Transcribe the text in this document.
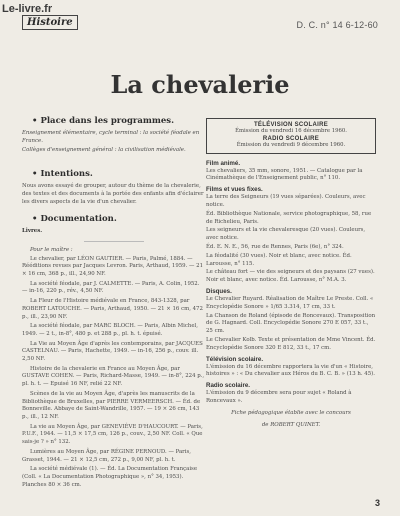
Le-livre.fr
Histoire	D. C. n° 14 6-12-60
La chevalerie
• Place dans les programmes.
Enseignement élémentaire, cycle terminal : la société féodale en France.
Collèges d'enseignement général : la civilisation médiévale.
• Intentions.
Nous avons essayé de grouper, autour du thème de la chevalerie, des textes et des documents à la portée des enfants afin d'éclairer les divers aspects de la vie d'un chevalier.
• Documentation.
Livres.
Pour le maître :
Le chevalier, par LÉON GAUTIER. — Paris, Palmé, 1884. — Rééditions revues par Jacques Levron. Paris, Arthaud, 1959. — 21 × 16 cm, 368 p., ill., 24,90 NF.
La société féodale, par J. CALMETTE. — Paris, A. Colin, 1952. — in-16, 220 p., rév., 4,50 NF.
La Fleur de l'Histoire médiévale en France, 843-1328, par ROBERT LATOUCHE. — Paris, Arthaud, 1950. — 21 × 16 cm, 472 p., ill., 23,90 NF.
La société féodale, par MARC BLOCH. — Paris, Albin Michel, 1949. — 2 t., in-8°, 480 p. et 288 p., pl. h. t. épuisé.
La Vie au Moyen Âge d'après les contemporains, par JACQUES CASTELNAU. — Paris, Hachette, 1949. — in-16, 256 p., couv. ill. 2,50 NF.
Histoire de la chevalerie en France au Moyen Âge, par GUSTAVE COHEN. — Paris, Richard-Masse, 1949. — in-8°, 224 p., pl. h. t. — Epuisé 16 NF, relié 22 NF.
Scènes de la vie au Moyen Âge, d'après les manuscrits de la Bibliothèque de Bruxelles, par PIERRE VERMEERSCH. — Éd. de Bonneville. Abbaye de Saint-Wandrille, 1957. — 19 × 26 cm, 143 p., ill., 12 NF.
La vie au Moyen Âge, par GENEVIÈVE D'HAUCOURT. — Paris, P.U.F., 1944. — 11,5 × 17,5 cm, 126 p., couv., 2,50 NF. Coll. « Que sais-je ? » n° 132.
Lumières au Moyen Âge, par RÉGINE PERNOUD. — Paris, Grasset, 1944. — 21 × 12,5 cm, 272 p., 9,00 NF, pl. h. t.
La société médiévale (1). — Éd. La Documentation Française (Coll. « La Documentation Photographique », n° 34, 1953). Planches 80 × 36 cm.
TÉLÉVISION SCOLAIRE
Émission du vendredi 16 décembre 1960.
RADIO SCOLAIRE
Émission du vendredi 9 décembre 1960.
Film animé.
Les chevaliers, 35 mm, sonore, 1951. — Catalogue par la Cinémathèque de l'Enseignement public, n° 110.
Films et vues fixes.
La terre des Seigneurs (19 vues séparées). Couleurs, avec notice.
Éd. Bibliothèque Nationale, service photographique, 58, rue de Richelieu, Paris.
Les seigneurs et la vie chevaleresque (20 vues). Couleurs, avec notice.
Éd. E. N. E., 56, rue de Rennes, Paris (6e), n° 324.
La féodalité (30 vues). Noir et blanc, avec notice. Éd. Larousse, n° 115.
Le château fort — vie des seigneurs et des paysans (27 vues). Noir et blanc, avec notice. Éd. Larousse, n° M.A. 3.
Disques.
Le Chevalier Ruyard. Réalisation de Maître Le Preste. Coll. « Encyclopédie Sonore » 1/65 3.314, 17 cm, 33 t.
La Chanson de Roland (épisode de Roncevaux). Transposition de G. Hagnard. Coll. Encyclopédie Sonore 270 E 057, 33 t., 25 cm.
Le Chevalier Kolb. Texte et présentation de Mme Vincent. Éd. Encyclopédie Sonore 320 E 812, 33 t., 17 cm.
Télévision scolaire.
L'émission du 16 décembre rapportera la vie d'un « Histoire, histoires » : « Du chevalier aux Héros du B. C. B. » (13 h. 45).
Radio scolaire.
L'émission du 9 décembre sera pour sujet « Roland à Roncevaux ».
Fiche pédagogique établie avec le concours
de ROBERT QUINET.
3
